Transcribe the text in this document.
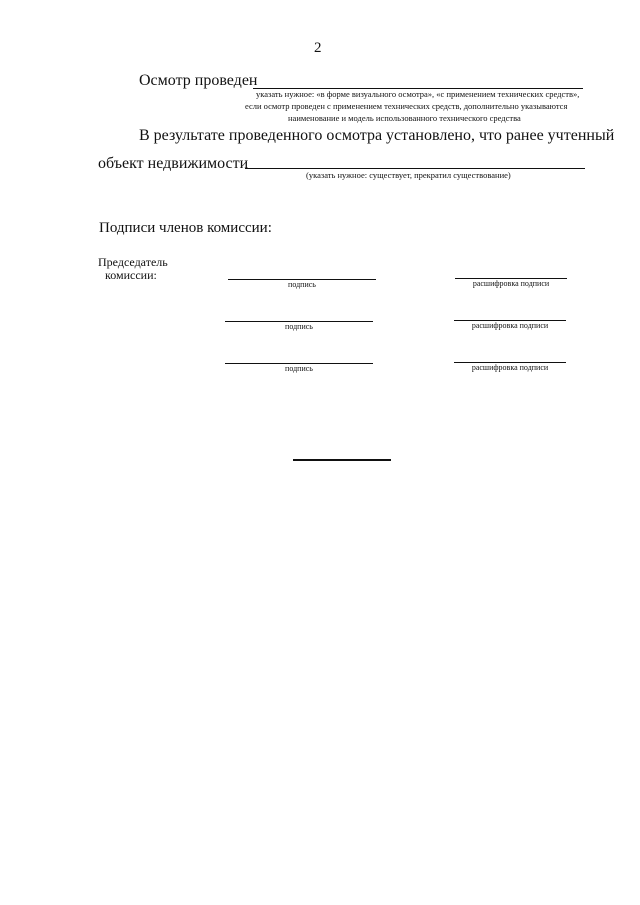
2
Осмотр проведен
указать нужное: «в форме визуального осмотра», «с применением технических средств»,
если осмотр проведен с применением технических средств, дополнительно указываются
наименование и модель использованного технического средства
В результате проведенного осмотра установлено, что ранее учтенный
объект недвижимости
(указать нужное: существует, прекратил существование)
Подписи членов комиссии:
Председатель
комиссии:
подпись	расшифровка подписи
подпись	расшифровка подписи
подпись	расшифровка подписи
